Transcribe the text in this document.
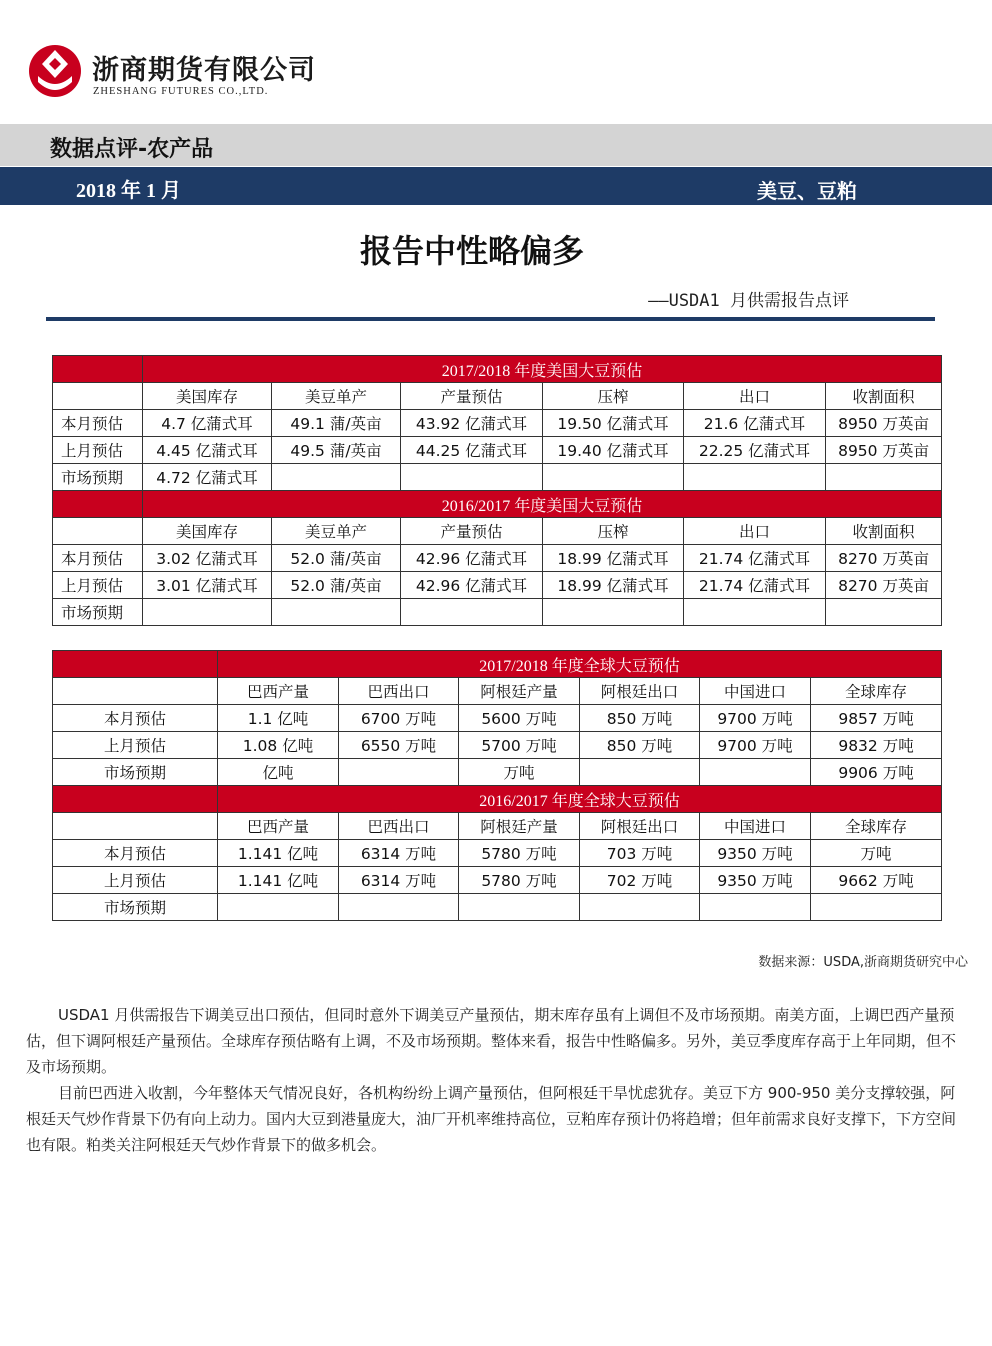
浙商期货有限公司
ZHESHANG FUTURES CO.,LTD.
数据点评-农产品
2018 年 1 月	美豆、豆粕
报告中性略偏多
——USDA1 月供需报告点评
	2017/2018 年度美国大豆预估					
	美国库存	美豆单产	产量预估	压榨	出口	收割面积
本月预估	4.7 亿蒲式耳	49.1 蒲/英亩	43.92 亿蒲式耳	19.50 亿蒲式耳	21.6 亿蒲式耳	8950 万英亩
上月预估	4.45 亿蒲式耳	49.5 蒲/英亩	44.25 亿蒲式耳	19.40 亿蒲式耳	22.25 亿蒲式耳	8950 万英亩
市场预期	4.72 亿蒲式耳					
	2016/2017 年度美国大豆预估					
	美国库存	美豆单产	产量预估	压榨	出口	收割面积
本月预估	3.02 亿蒲式耳	52.0 蒲/英亩	42.96 亿蒲式耳	18.99 亿蒲式耳	21.74 亿蒲式耳	8270 万英亩
上月预估	3.01 亿蒲式耳	52.0 蒲/英亩	42.96 亿蒲式耳	18.99 亿蒲式耳	21.74 亿蒲式耳	8270 万英亩
市场预期						
	2017/2018 年度全球大豆预估					
	巴西产量	巴西出口	阿根廷产量	阿根廷出口	中国进口	全球库存
本月预估	1.1 亿吨	6700 万吨	5600 万吨	850 万吨	9700 万吨	9857 万吨
上月预估	1.08 亿吨	6550 万吨	5700 万吨	850 万吨	9700 万吨	9832 万吨
市场预期	亿吨		万吨			9906 万吨
	2016/2017 年度全球大豆预估					
	巴西产量	巴西出口	阿根廷产量	阿根廷出口	中国进口	全球库存
本月预估	1.141 亿吨	6314 万吨	5780 万吨	703 万吨	9350 万吨	万吨
上月预估	1.141 亿吨	6314 万吨	5780 万吨	702 万吨	9350 万吨	9662 万吨
市场预期						
数据来源：USDA,浙商期货研究中心

USDA1 月供需报告下调美豆出口预估，但同时意外下调美豆产量预估，期末库存虽有上调但不及市场预期。南美方面，上调巴西产量预估，但下调阿根廷产量预估。全球库存预估略有上调，不及市场预期。整体来看，报告中性略偏多。另外，美豆季度库存高于上年同期，但不及市场预期。

目前巴西进入收割，今年整体天气情况良好，各机构纷纷上调产量预估，但阿根廷干旱忧虑犹存。美豆下方 900-950 美分支撑较强，阿根廷天气炒作背景下仍有向上动力。国内大豆到港量庞大，油厂开机率维持高位，豆粕库存预计仍将趋增；但年前需求良好支撑下，下方空间也有限。粕类关注阿根廷天气炒作背景下的做多机会。
